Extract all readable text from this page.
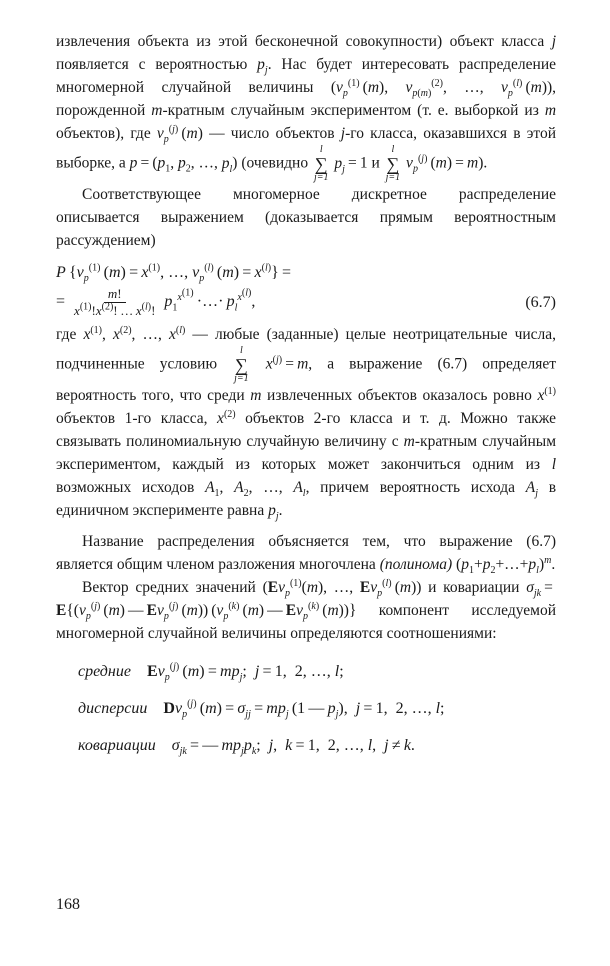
извлечения объекта из этой бесконечной совокупности) объект класса j появляется с вероятностью $p_j$. Нас будет интересовать распределение многомерной случайной величины ($\nu_p^{(1)}$ (m), $\nu_{p(m)}^{(2)}$, …, $\nu_p^{(l)}$ (m)), порожденной m-кратным случайным экспериментом (т. е. выборкой из m объектов), где $\nu_p^{(j)}$ (m) — число объектов j-го класса, оказавшихся в этой выборке, а $p = (p_1$, $p_2$, …, $p_l$) (очевидно
l
∑
j=1
$p_j = 1$ и
l
∑
j=1
$\nu_p^{(j)}$ (m) = m).

Соответствующее многомерное дискретное распределение описывается выражением (доказывается прямым вероятностным рассуждением)

P {$\nu_p^{(1)}$ $(m) = x^{(1)}$, …, $\nu_p^{(l)}$ $(m) = x^{(l)}$} =
= $\frac{m!}{x^{(1)}!x^{(2)}! \dots x^{(l)}!} p_1^{x^{(1)}}$ ·…· $p_l^{x^{(l)}}$,	(6.7)

где $x^{(1)}$, $x^{(2)}$, …, $x^{(l)}$ — любые (заданные) целые неотрицательные числа, подчиненные условию
l
∑
j=1
$x^{(j)} = m$, а выражение (6.7) определяет вероятность того, что среди m извлеченных объектов оказалось ровно $x^{(1)}$ объектов 1-го класса, $x^{(2)}$ объектов 2-го класса и т. д. Можно также связывать полиномиальную случайную величину с m-кратным случайным экспериментом, каждый из которых может закончиться одним из l возможных исходов $A_1$, $A_2$, …, $A_l$, причем вероятность исхода $A_j$ в единичном эксперименте равна $p_j$.

Название распределения объясняется тем, что выражение (6.7) является общим членом разложения многочлена (полинома) $(p_1+p_2+\dots+p_l)^m$.

Вектор средних значений ($E\nu_p^{(1)}(m)$, …, $E\nu_p^{(l)}$ (m)) и ковариации $\sigma_{jk} = E\{(\nu_p^{(j)}$ (m) — $E\nu_p^{(j)}$ (m)) ($\nu_p^{(k)}$ (m) — $E\nu_p^{(k)}$ (m))} компонент исследуемой многомерной случайной величины определяются соотношениями:

средние  $E\nu_p^{(j)}$ $(m) = mp_j$; j = 1, 2, …, l;
дисперсии  $D\nu_p^{(j)}$ $(m) = \sigma_{jj} = mp_j$ (1 — $p_j$), j = 1, 2, …, l;
ковариации  $\sigma_{jk}$ = — $mp_jp_k$; j, k = 1, 2, …, l, j ≠ k.
168
